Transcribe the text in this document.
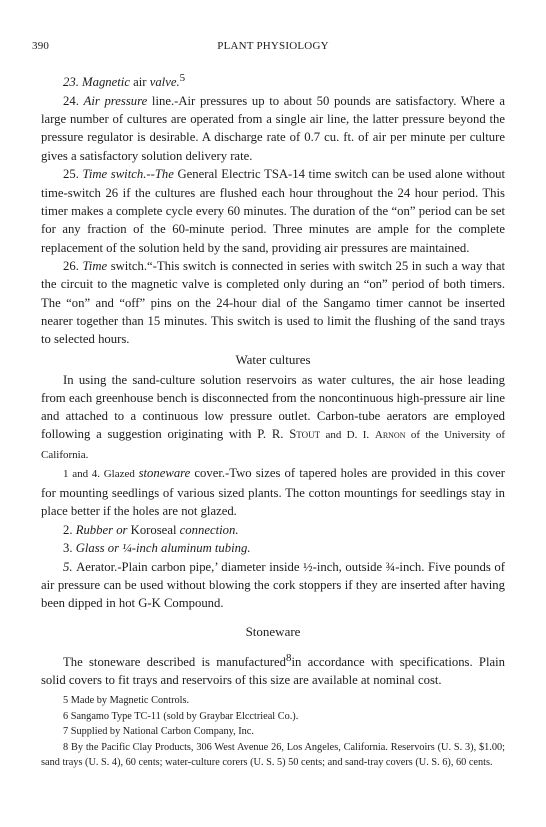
390	PLANT PHYSIOLOGY

23. Magnetic air valve.$^5$

24. Air pressure line.-Air pressures up to about 50 pounds are satisfactory. Where a large number of cultures are operated from a single air line, the latter pressure beyond the pressure regulator is desirable. A discharge rate of 0.7 cu. ft. of air per minute per culture gives a satisfactory solution delivery rate.

25. Time switch.--The General Electric TSA-14 time switch can be used alone without time-switch 26 if the cultures are flushed each hour throughout the 24 hour period. This timer makes a complete cycle every 60 minutes. The duration of the “on” period can be set for any fraction of the 60-minute period. Three minutes are ample for the complete replacement of the solution held by the sand, providing air pressures are maintained.

26. Time switch.“-This switch is connected in series with switch 25 in such a way that the circuit to the magnetic valve is completed only during an “on” period of both timers. The “on” and “off” pins on the 24-hour dial of the Sangamo timer cannot be inserted nearer together than 15 minutes. This switch is used to limit the flushing of the sand trays to selected hours.

Water cultures

In using the sand-culture solution reservoirs as water cultures, the air hose leading from each greenhouse bench is disconnected from the noncontinuous high-pressure air line and attached to a continuous low pressure outlet. Carbon-tube aerators are employed following a suggestion originating with P. R. Stout and D. I. Arnon of the University of California.

1 and 4. Glazed stoneware cover.-Two sizes of tapered holes are provided in this cover for mounting seedlings of various sized plants. The cotton mountings for seedlings stay in place better if the holes are not glazed.

2. Rubber or Koroseal connection.

3. Glass or ¼-inch aluminum tubing.

5. Aerator.-Plain carbon pipe,’ diameter inside ½-inch, outside ¾-inch. Five pounds of air pressure can be used without blowing the cork stoppers if they are inserted after having been dipped in hot G-K Compound.

Stoneware

The stoneware described is manufactured$^8$in accordance with specifications. Plain solid covers to fit trays and reservoirs of this size are available at nominal cost.

5 Made by Magnetic Controls.

6 Sangamo Type TC-11 (sold by Graybar Elcctrieal Co.).

7 Supplied by National Carbon Company, Inc.

8 By the Pacific Clay Products, 306 West Avenue 26, Los Angeles, California. Reservoirs (U. S. 3), $1.00; sand trays (U. S. 4), 60 cents; water-culture corers (U. S. 5) 50 cents; and sand-tray covers (U. S. 6), 60 cents.
